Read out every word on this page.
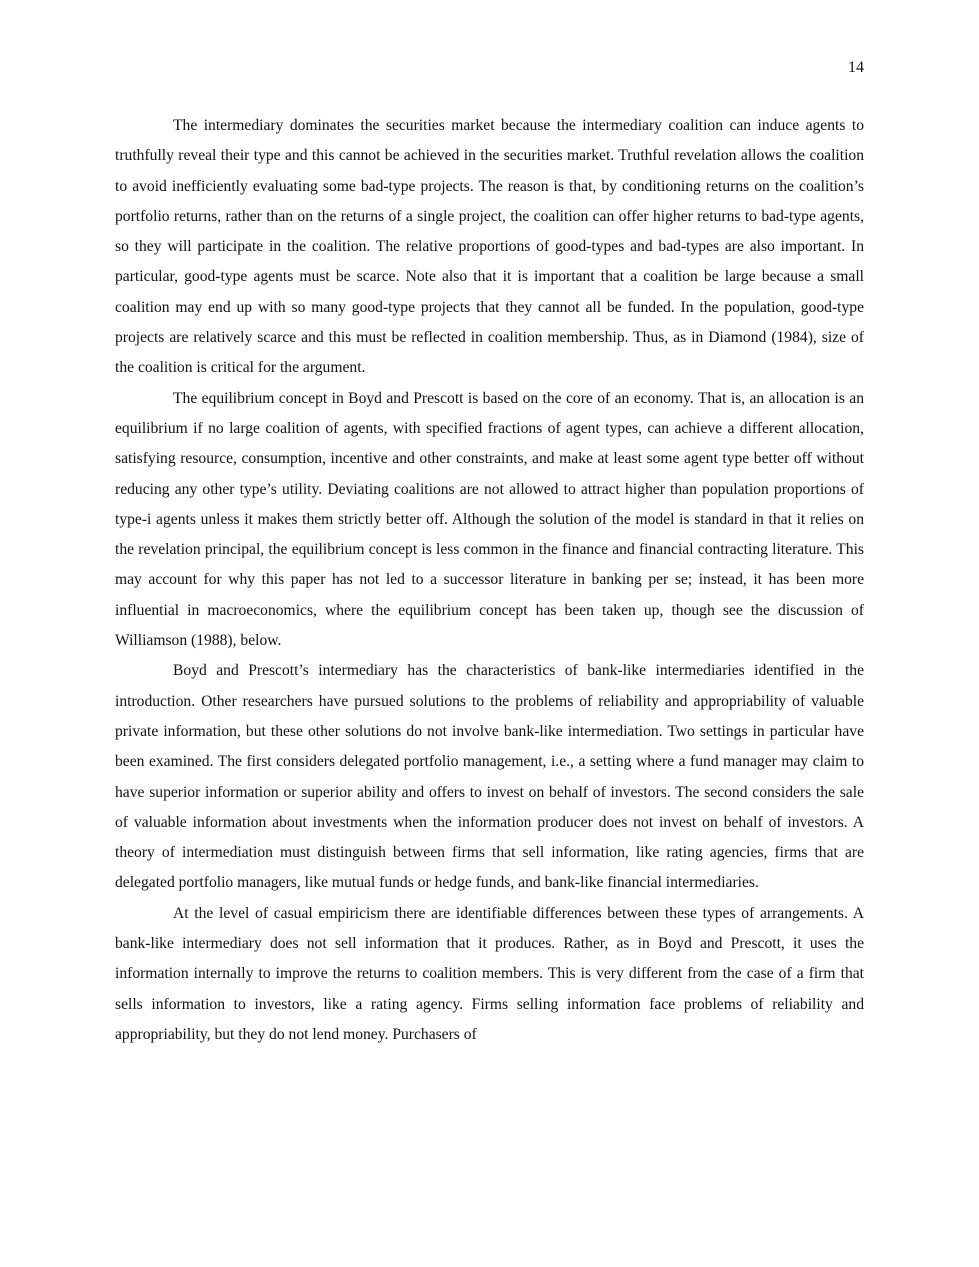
14

The intermediary dominates the securities market because the intermediary coalition can induce agents to truthfully reveal their type and this cannot be achieved in the securities market. Truthful revelation allows the coalition to avoid inefficiently evaluating some bad-type projects. The reason is that, by conditioning returns on the coalition’s portfolio returns, rather than on the returns of a single project, the coalition can offer higher returns to bad-type agents, so they will participate in the coalition. The relative proportions of good-types and bad-types are also important. In particular, good-type agents must be scarce. Note also that it is important that a coalition be large because a small coalition may end up with so many good-type projects that they cannot all be funded. In the population, good-type projects are relatively scarce and this must be reflected in coalition membership. Thus, as in Diamond (1984), size of the coalition is critical for the argument.

The equilibrium concept in Boyd and Prescott is based on the core of an economy. That is, an allocation is an equilibrium if no large coalition of agents, with specified fractions of agent types, can achieve a different allocation, satisfying resource, consumption, incentive and other constraints, and make at least some agent type better off without reducing any other type’s utility. Deviating coalitions are not allowed to attract higher than population proportions of type-i agents unless it makes them strictly better off. Although the solution of the model is standard in that it relies on the revelation principal, the equilibrium concept is less common in the finance and financial contracting literature. This may account for why this paper has not led to a successor literature in banking per se; instead, it has been more influential in macroeconomics, where the equilibrium concept has been taken up, though see the discussion of Williamson (1988), below.

Boyd and Prescott’s intermediary has the characteristics of bank-like intermediaries identified in the introduction. Other researchers have pursued solutions to the problems of reliability and appropriability of valuable private information, but these other solutions do not involve bank-like intermediation. Two settings in particular have been examined. The first considers delegated portfolio management, i.e., a setting where a fund manager may claim to have superior information or superior ability and offers to invest on behalf of investors. The second considers the sale of valuable information about investments when the information producer does not invest on behalf of investors. A theory of intermediation must distinguish between firms that sell information, like rating agencies, firms that are delegated portfolio managers, like mutual funds or hedge funds, and bank-like financial intermediaries.

At the level of casual empiricism there are identifiable differences between these types of arrangements. A bank-like intermediary does not sell information that it produces. Rather, as in Boyd and Prescott, it uses the information internally to improve the returns to coalition members. This is very different from the case of a firm that sells information to investors, like a rating agency. Firms selling information face problems of reliability and appropriability, but they do not lend money. Purchasers of
